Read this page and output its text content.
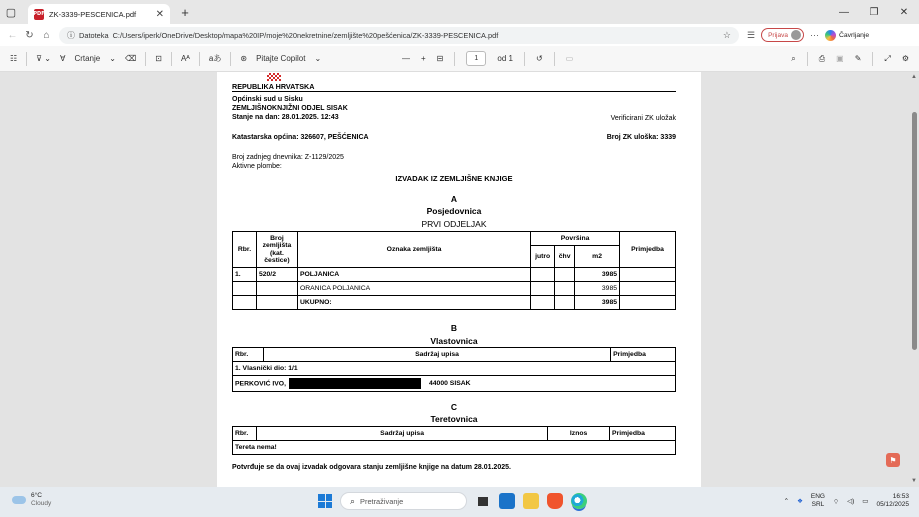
▢	PDF ZK-3339-PESCENICA.pdf	✕	+	—	❐	✕
← ↻ ⌂	ⓘ Datoteka C:/Users/iperk/OneDrive/Desktop/mapa%20IP/moje%20nekretnine/zemljište%20pešćenica/ZK-3339-PESCENICA.pdf	☆ ☰ Prijava ···	Čavrljanje
☷ ⊽ ⌄ ∀ Crtanje ⌄ ⌫ ⊡ Aᴬ aあ ⊛ Pitajte Copilot ⌄	— + ⊟	1	od 1	↺	▭	⌕	⎙ ▣ ✎	⤢ ⚙
REPUBLIKA HRVATSKA
Općinski sud u Sisku
ZEMLJIŠNOKNJIŽNI ODJEL SISAK
Stanje na dan: 28.01.2025. 12:43	Verificirani ZK uložak
Katastarska općina: 326607, PEŠĆENICA	Broj ZK uloška: 3339
Broj zadnjeg dnevnika: Z-1129/2025
Aktivne plombe:
IZVADAK IZ ZEMLJIŠNE KNJIGE
A
Posjedovnica
PRVI ODJELJAK
Rbr.	Broj zemljišta (kat. čestice)	Oznaka zemljišta	Površina			Primjedba
			jutro	čhv	m2	
1.	520/2	POLJANICA			3985	
		ORANICA POLJANICA			3985	
		UKUPNO:			3985	
B
Vlastovnica
Rbr.	Sadržaj upisa	Primjedba
1. Vlasnički dio: 1/1
PERKOVIĆ IVO,	44000 SISAK
C
Teretovnica
Rbr.	Sadržaj upisa	Iznos	Primjedba
Tereta nema!
Potvrđuje se da ovaj izvadak odgovara stanju zemljišne knjige na datum 28.01.2025.
▲
▼
⚑
6°C
Cloudy	⌕ Pretraživanje	⌃ ❖
ENG
SRL ⌔ ◁) ▭
16:53
05/12/2025
